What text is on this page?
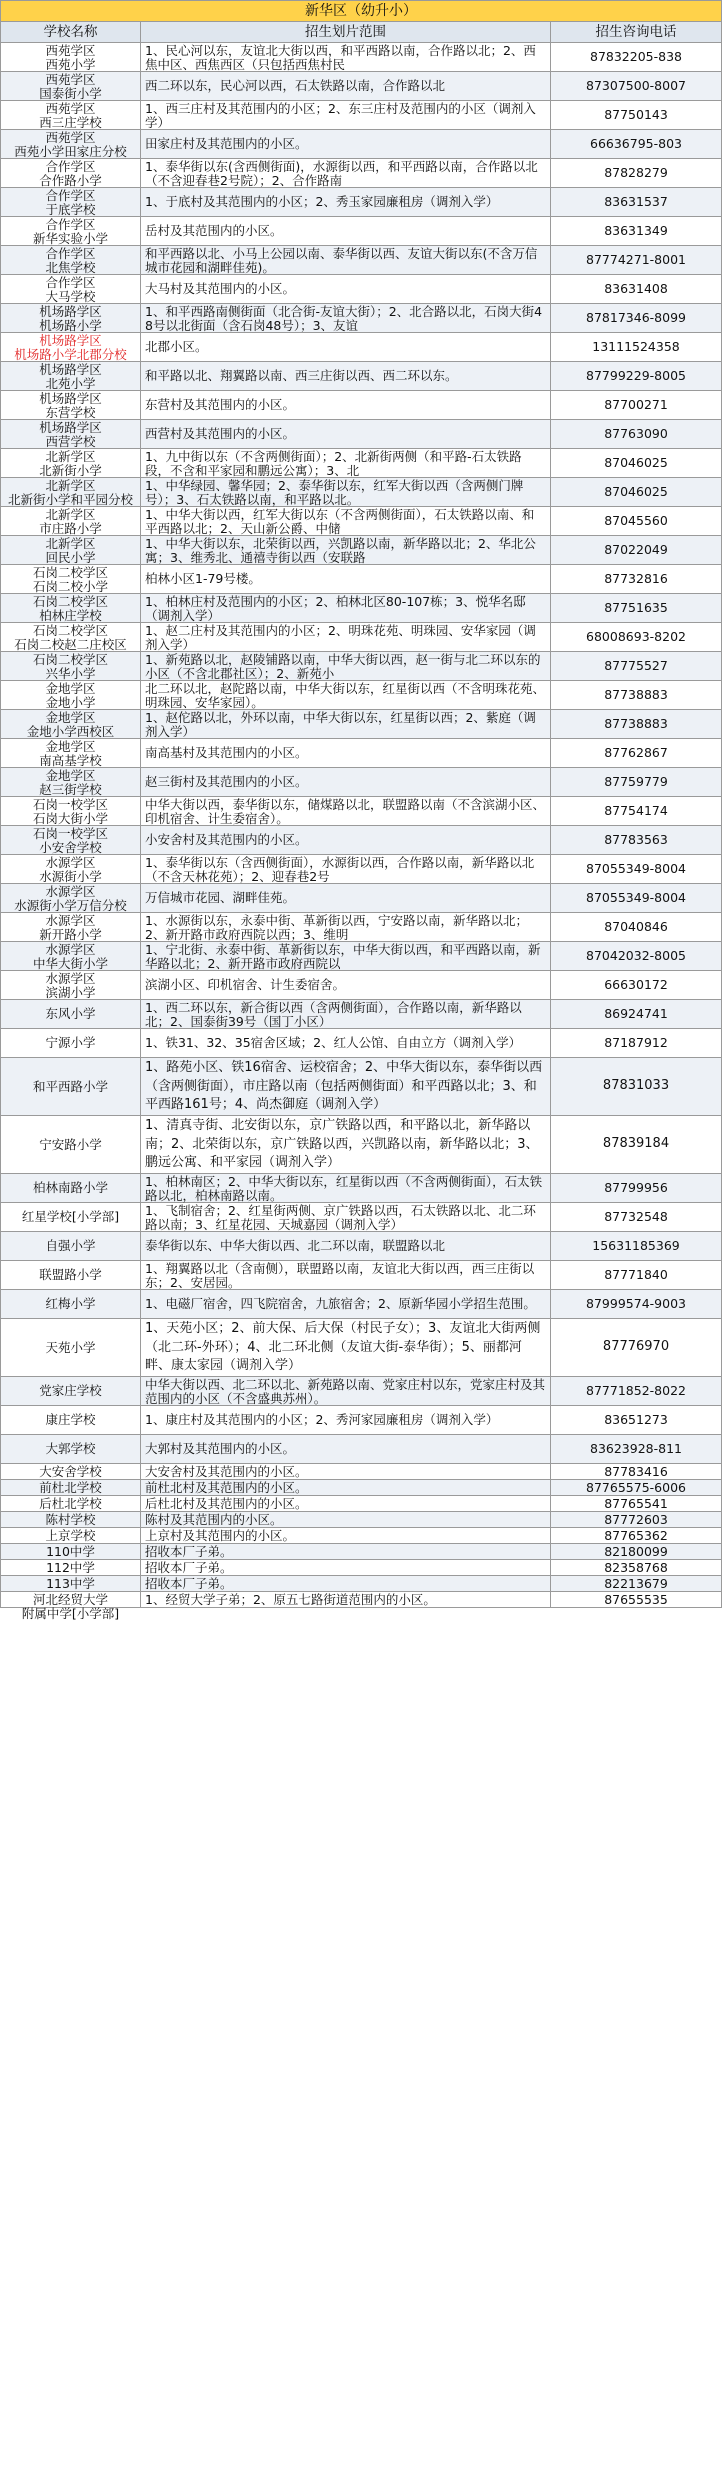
新华区（幼升小）		
学校名称	招生划片范围	招生咨询电话

西苑学区
西苑小学	1、民心河以东，友谊北大街以西，和平西路以南，合作路以北；2、西焦中区、西焦西区（只包括西焦村民	87832205-838

西苑学区
国泰街小学	西二环以东，民心河以西，石太铁路以南，合作路以北	87307500-8007

西苑学区
西三庄学校	1、西三庄村及其范围内的小区；2、东三庄村及范围内的小区（调剂入学）	87750143

西苑学区
西苑小学田家庄分校	田家庄村及其范围内的小区。	66636795-803

合作学区
合作路小学	1、泰华街以东(含西侧街面)，水源街以西，和平西路以南，合作路以北（不含迎春巷2号院）；2、合作路南	87828279

合作学区
于底学校	1、于底村及其范围内的小区；2、秀玉家园廉租房（调剂入学）	83631537

合作学区
新华实验小学	岳村及其范围内的小区。	83631349

合作学区
北焦学校	和平西路以北、小马上公园以南、泰华街以西、友谊大街以东(不含万信城市花园和湖畔佳苑)。	87774271-8001

合作学区
大马学校	大马村及其范围内的小区。	83631408

机场路学区
机场路小学	1、和平西路南侧街面（北合街-友谊大街）；2、北合路以北，石岗大街48号以北街面（含石岗48号）；3、友谊	87817346-8099

机场路学区
机场路小学北郡分校	北郡小区。	13111524358

机场路学区
北苑小学	和平路以北、翔翼路以南、西三庄街以西、西二环以东。	87799229-8005

机场路学区
东营学校	东营村及其范围内的小区。	87700271

机场路学区
西营学校	西营村及其范围内的小区。	87763090

北新学区
北新街小学	1、九中街以东（不含两侧街面）；2、北新街两侧（和平路-石太铁路段，不含和平家园和鹏远公寓）；3、北	87046025

北新学区
北新街小学和平园分校	1、中华绿园、馨华园；2、泰华街以东，红军大街以西（含两侧门牌号）；3、石太铁路以南，和平路以北。	87046025

北新学区
市庄路小学	1、中华大街以西，红军大街以东（不含两侧街面），石太铁路以南、和平西路以北；2、天山新公爵、中储	87045560

北新学区
回民小学	1、中华大街以东，北荣街以西，兴凯路以南，新华路以北；2、华北公寓；3、维秀北、通禧寺街以西（安联路	87022049

石岗二校学区
石岗二校小学	柏林小区1-79号楼。	87732816

石岗二校学区
柏林庄学校	1、柏林庄村及范围内的小区；2、柏林北区80-107栋；3、悦华名邸（调剂入学）	87751635

石岗二校学区
石岗二校赵二庄校区	1、赵二庄村及其范围内的小区；2、明珠花苑、明珠园、安华家园（调剂入学）	68008693-8202

石岗二校学区
兴华小学	1、新苑路以北，赵陵铺路以南，中华大街以西，赵一街与北二环以东的小区（不含北郡社区）；2、新苑小	87775527

金地学区
金地小学	北二环以北，赵陀路以南，中华大街以东，红星街以西（不含明珠花苑、明珠园、安华家园）。	87738883

金地学区
金地小学西校区	1、赵佗路以北，外环以南，中华大街以东，红星街以西；2、紫庭（调剂入学）	87738883

金地学区
南高基学校	南高基村及其范围内的小区。	87762867

金地学区
赵三街学校	赵三街村及其范围内的小区。	87759779

石岗一校学区
石岗大街小学	中华大街以西，泰华街以东，储煤路以北，联盟路以南（不含滨湖小区、印机宿舍、计生委宿舍）。	87754174

石岗一校学区
小安舍学校	小安舍村及其范围内的小区。	87783563

水源学区
水源街小学	1、泰华街以东（含西侧街面），水源街以西，合作路以南，新华路以北（不含天林花苑）；2、迎春巷2号	87055349-8004

水源学区
水源街小学万信分校	万信城市花园、湖畔佳苑。	87055349-8004

水源学区
新开路小学	1、水源街以东，永泰中街、革新街以西，宁安路以南，新华路以北；2、新开路市政府西院以西；3、维明	87040846

水源学区
中华大街小学	1、宁北街、永泰中街、革新街以东，中华大街以西，和平西路以南，新华路以北；2、新开路市政府西院以	87042032-8005

水源学区
滨湖小学	滨湖小区、印机宿舍、计生委宿舍。	66630172

东风小学	1、西二环以东，新合街以西（含两侧街面），合作路以南，新华路以北；2、国泰街39号（国丁小区）	86924741

宁源小学	1、铁31、32、35宿舍区域；2、红人公馆、自由立方（调剂入学）	87187912

和平西路小学	1、路苑小区、铁16宿舍、运校宿舍；2、中华大街以东，泰华街以西（含两侧街面），市庄路以南（包括两侧街面）和平西路以北；3、和平西路161号；4、尚杰御庭（调剂入学）	87831033

宁安路小学	1、清真寺街、北安街以东，京广铁路以西，和平路以北，新华路以南；2、北荣街以东，京广铁路以西，兴凯路以南，新华路以北；3、鹏远公寓、和平家园（调剂入学）	87839184

柏林南路小学	1、柏林南区；2、中华大街以东，红星街以西（不含两侧街面），石太铁路以北，柏林南路以南。	87799956

红星学校[小学部]	1、飞制宿舍；2、红星街两侧、京广铁路以西，石太铁路以北、北二环路以南；3、红星花园、天城嘉园（调剂入学）	87732548

自强小学	泰华街以东、中华大街以西、北二环以南，联盟路以北	15631185369

联盟路小学	1、翔翼路以北（含南侧），联盟路以南，友谊北大街以西，西三庄街以东；2、安居园。	87771840

红梅小学	1、电磁厂宿舍，四飞院宿舍，九旅宿舍；2、原新华园小学招生范围。	87999574-9003

天苑小学	1、天苑小区；2、前大保、后大保（村民子女）；3、友谊北大街两侧（北二环-外环）；4、北二环北侧（友谊大街-泰华街）；5、丽都河畔、康太家园（调剂入学）	87776970

党家庄学校	中华大街以西、北二环以北、新苑路以南、党家庄村以东，党家庄村及其范围内的小区（不含盛典苏州）。	87771852-8022

康庄学校	1、康庄村及其范围内的小区；2、秀河家园廉租房（调剂入学）	83651273

大郭学校	大郭村及其范围内的小区。	83623928-811

大安舍学校	大安舍村及其范围内的小区。	87783416

前杜北学校	前杜北村及其范围内的小区。	87765575-6006

后杜北学校	后杜北村及其范围内的小区。	87765541

陈村学校	陈村及其范围内的小区。	87772603

上京学校	上京村及其范围内的小区。	87765362

110中学	招收本厂子弟。	82180099

112中学	招收本厂子弟。	82358768

113中学	招收本厂子弟。	82213679

河北经贸大学
附属中学[小学部]	1、经贸大学子弟；2、原五七路街道范围内的小区。	87655535
